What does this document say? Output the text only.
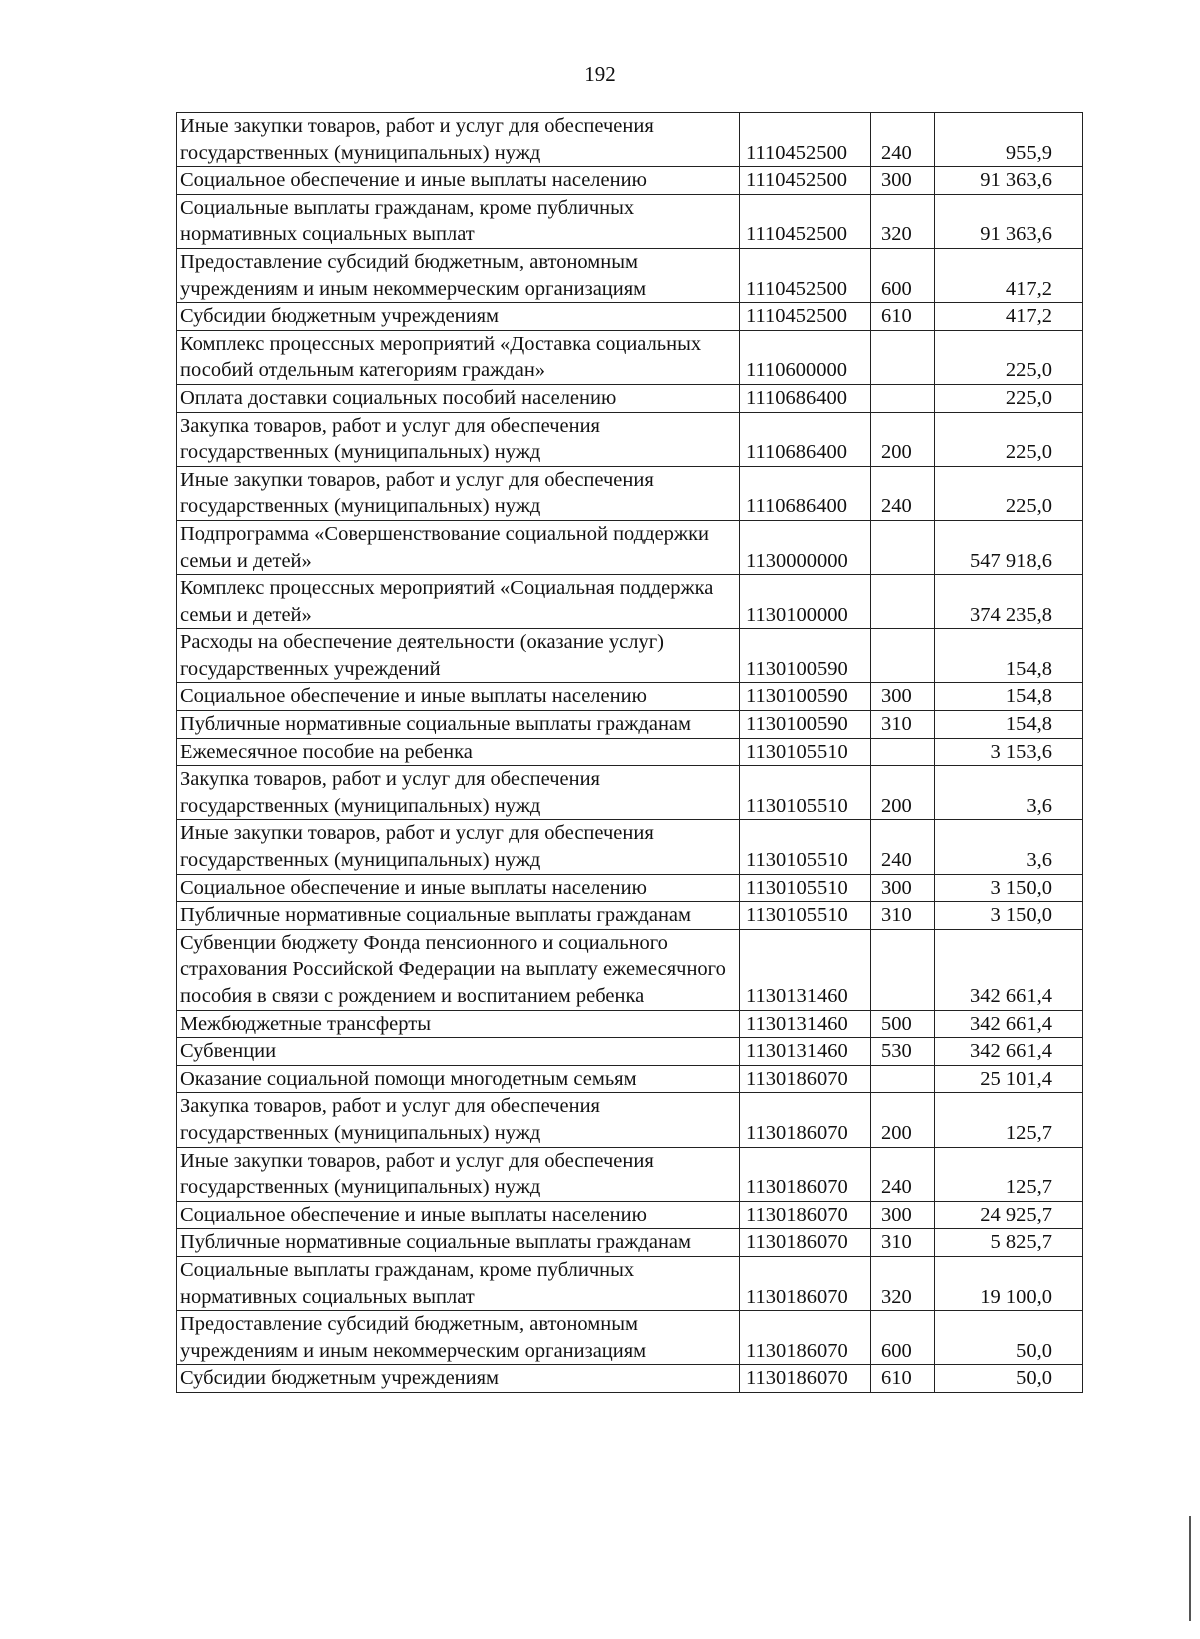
192
Иные закупки товаров, работ и услуг для обеспечения государственных (муниципальных) нужд	1110452500	240	955,9
Социальное обеспечение и иные выплаты населению	1110452500	300	91 363,6
Социальные выплаты гражданам, кроме публичных нормативных социальных выплат	1110452500	320	91 363,6
Предоставление субсидий бюджетным, автономным учреждениям и иным некоммерческим организациям	1110452500	600	417,2
Субсидии бюджетным учреждениям	1110452500	610	417,2
Комплекс процессных мероприятий «Доставка социальных пособий отдельным категориям граждан»	1110600000		225,0
Оплата доставки социальных пособий населению	1110686400		225,0
Закупка товаров, работ и услуг для обеспечения государственных (муниципальных) нужд	1110686400	200	225,0
Иные закупки товаров, работ и услуг для обеспечения государственных (муниципальных) нужд	1110686400	240	225,0
Подпрограмма «Совершенствование социальной поддержки семьи и детей»	1130000000		547 918,6
Комплекс процессных мероприятий «Социальная поддержка семьи и детей»	1130100000		374 235,8
Расходы на обеспечение деятельности (оказание услуг) государственных учреждений	1130100590		154,8
Социальное обеспечение и иные выплаты населению	1130100590	300	154,8
Публичные нормативные социальные выплаты гражданам	1130100590	310	154,8
Ежемесячное пособие на ребенка	1130105510		3 153,6
Закупка товаров, работ и услуг для обеспечения государственных (муниципальных) нужд	1130105510	200	3,6
Иные закупки товаров, работ и услуг для обеспечения государственных (муниципальных) нужд	1130105510	240	3,6
Социальное обеспечение и иные выплаты населению	1130105510	300	3 150,0
Публичные нормативные социальные выплаты гражданам	1130105510	310	3 150,0
Субвенции бюджету Фонда пенсионного и социального страхования Российской Федерации на выплату ежемесячного пособия в связи с рождением и воспитанием ребенка	1130131460		342 661,4
Межбюджетные трансферты	1130131460	500	342 661,4
Субвенции	1130131460	530	342 661,4
Оказание социальной помощи многодетным семьям	1130186070		25 101,4
Закупка товаров, работ и услуг для обеспечения государственных (муниципальных) нужд	1130186070	200	125,7
Иные закупки товаров, работ и услуг для обеспечения государственных (муниципальных) нужд	1130186070	240	125,7
Социальное обеспечение и иные выплаты населению	1130186070	300	24 925,7
Публичные нормативные социальные выплаты гражданам	1130186070	310	5 825,7
Социальные выплаты гражданам, кроме публичных нормативных социальных выплат	1130186070	320	19 100,0
Предоставление субсидий бюджетным, автономным учреждениям и иным некоммерческим организациям	1130186070	600	50,0
Субсидии бюджетным учреждениям	1130186070	610	50,0
